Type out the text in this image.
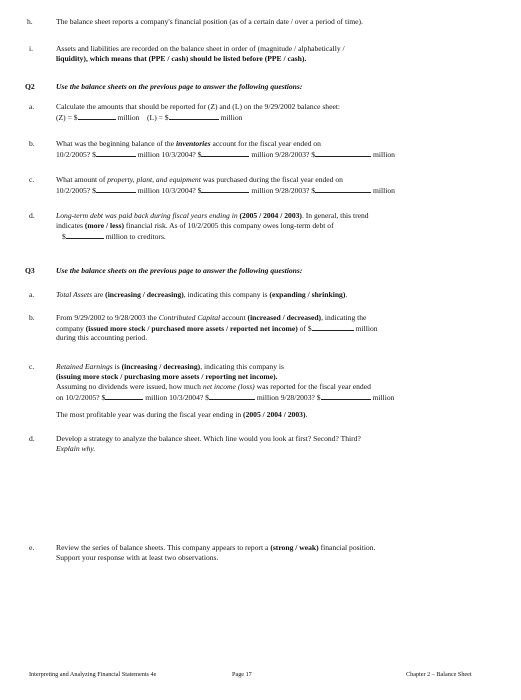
h.	The balance sheet reports a company's financial position (as of a certain date / over a period of time).
i.	Assets and liabilities are recorded on the balance sheet in order of (magnitude / alphabetically /
liquidity), which means that (PPE / cash) should be listed before (PPE / cash).
Q2	Use the balance sheets on the previous page to answer the following questions:
a.	Calculate the amounts that should be reported for (Z) and (L) on the 9/29/2002 balance sheet:
(Z) = $	million (L) = $	million
b.	What was the beginning balance of the inventories account for the fiscal year ended on
10/2/2005? $	million 10/3/2004? $	million 9/28/2003? $	million
c.	What amount of property, plant, and equipment was purchased during the fiscal year ended on
10/2/2005? $	million 10/3/2004? $	million 9/28/2003? $	million
d.	Long-term debt was paid back during fiscal years ending in (2005 / 2004 / 2003). In general, this trend
indicates (more / less) financial risk. As of 10/2/2005 this company owes long-term debt of
$	million to creditors.
Q3	Use the balance sheets on the previous page to answer the following questions:
a.	Total Assets are (increasing / decreasing), indicating this company is (expanding / shrinking).
b.	From 9/29/2002 to 9/28/2003 the Contributed Capital account (increased / decreased), indicating the
company (issued more stock / purchased more assets / reported net income) of $	million
during this accounting period.
c.	Retained Earnings is (increasing / decreasing), indicating this company is
(issuing more stock / purchasing more assets / reporting net income).
Assuming no dividends were issued, how much net income (loss) was reported for the fiscal year ended
on 10/2/2005? $	million 10/3/2004? $	million 9/28/2003? $	million
The most profitable year was during the fiscal year ending in (2005 / 2004 / 2003).
d.	Develop a strategy to analyze the balance sheet. Which line would you look at first? Second? Third?
Explain why.
e.	Review the series of balance sheets. This company appears to report a (strong / weak) financial position.
Support your response with at least two observations.
Interpreting and Analyzing Financial Statements 4e	Page 17	Chapter 2 – Balance Sheet
